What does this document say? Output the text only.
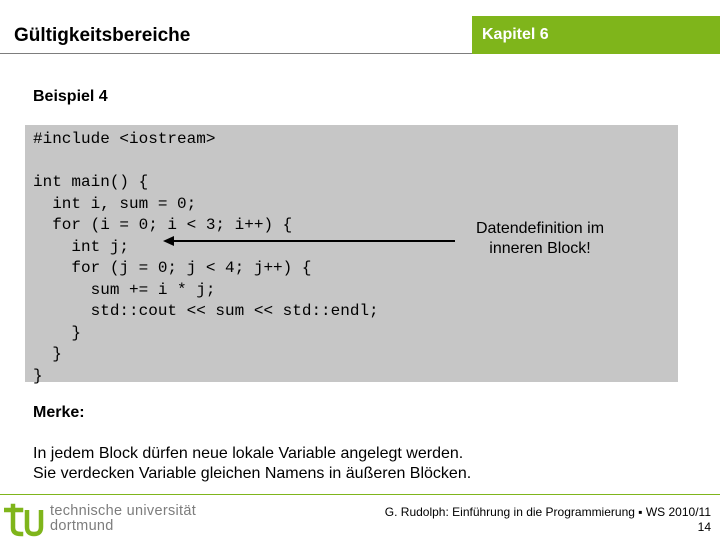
Gültigkeitsbereiche	Kapitel 6
Beispiel 4
#include <iostream>

int main() {
int i, sum = 0;
for (i = 0; i < 3; i++) {
int j;
for (j = 0; j < 4; j++) {
sum += i * j;
std::cout << sum << std::endl;
}
}
}
Datendefinition im inneren Block!
Merke:
In jedem Block dürfen neue lokale Variable angelegt werden.
Sie verdecken Variable gleichen Namens in äußeren Blöcken.
technische universität
dortmund
G. Rudolph: Einführung in die Programmierung ▪ WS 2010/11
14
